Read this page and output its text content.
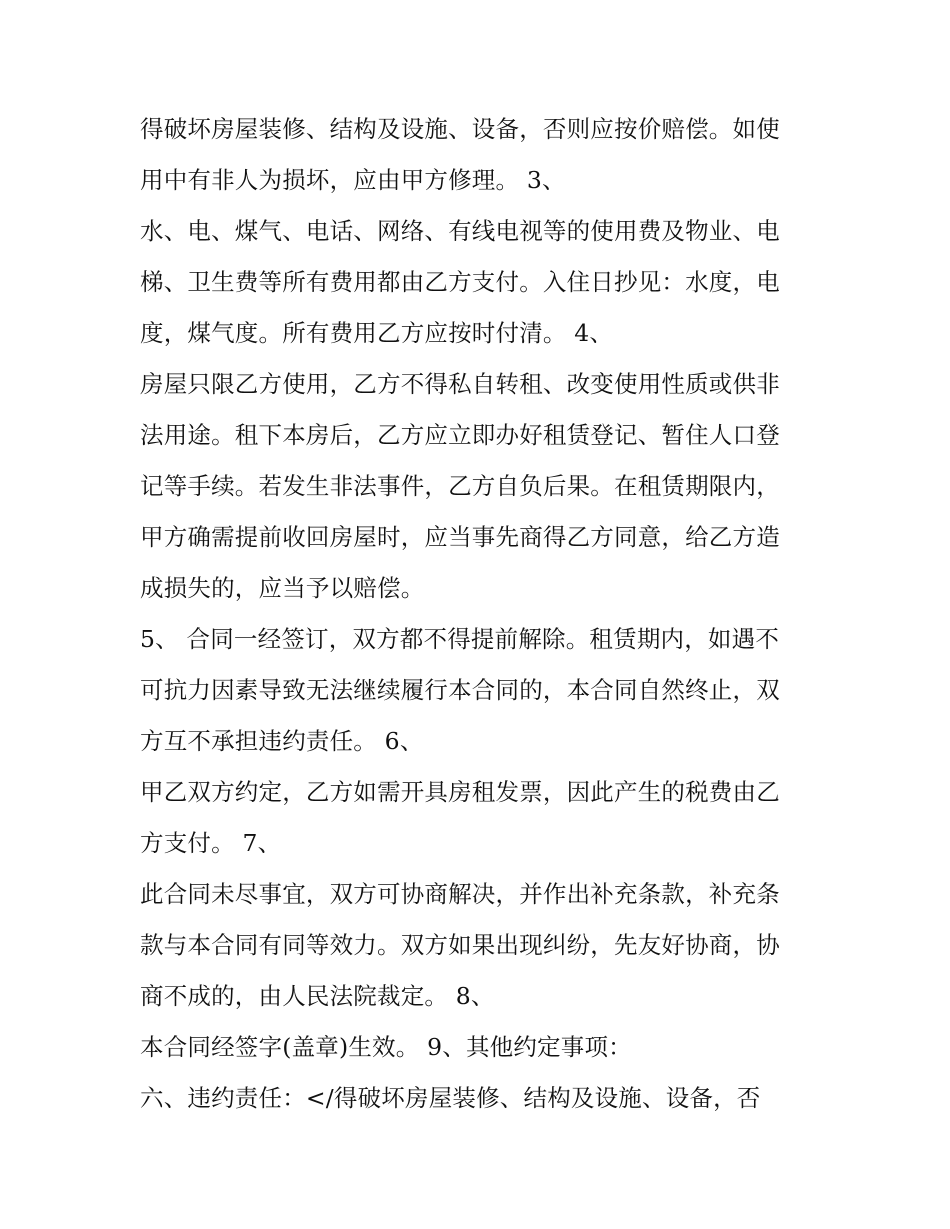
得破坏房屋装修、结构及设施、设备，否则应按价赔偿。如使
用中有非人为损坏，应由甲方修理。 3、
水、电、煤气、电话、网络、有线电视等的使用费及物业、电
梯、卫生费等所有费用都由乙方支付。入住日抄见：水度，电
度，煤气度。所有费用乙方应按时付清。 4、
房屋只限乙方使用，乙方不得私自转租、改变使用性质或供非
法用途。租下本房后，乙方应立即办好租赁登记、暂住人口登
记等手续。若发生非法事件，乙方自负后果。在租赁期限内，
甲方确需提前收回房屋时，应当事先商得乙方同意，给乙方造
成损失的，应当予以赔偿。
5、 合同一经签订，双方都不得提前解除。租赁期内，如遇不
可抗力因素导致无法继续履行本合同的，本合同自然终止，双
方互不承担违约责任。 6、
甲乙双方约定，乙方如需开具房租发票，因此产生的税费由乙
方支付。 7、
此合同未尽事宜，双方可协商解决，并作出补充条款，补充条
款与本合同有同等效力。双方如果出现纠纷，先友好协商，协
商不成的，由人民法院裁定。 8、
本合同经签字(盖章)生效。 9、其他约定事项：
六、违约责任：</得破坏房屋装修、结构及设施、设备，否
